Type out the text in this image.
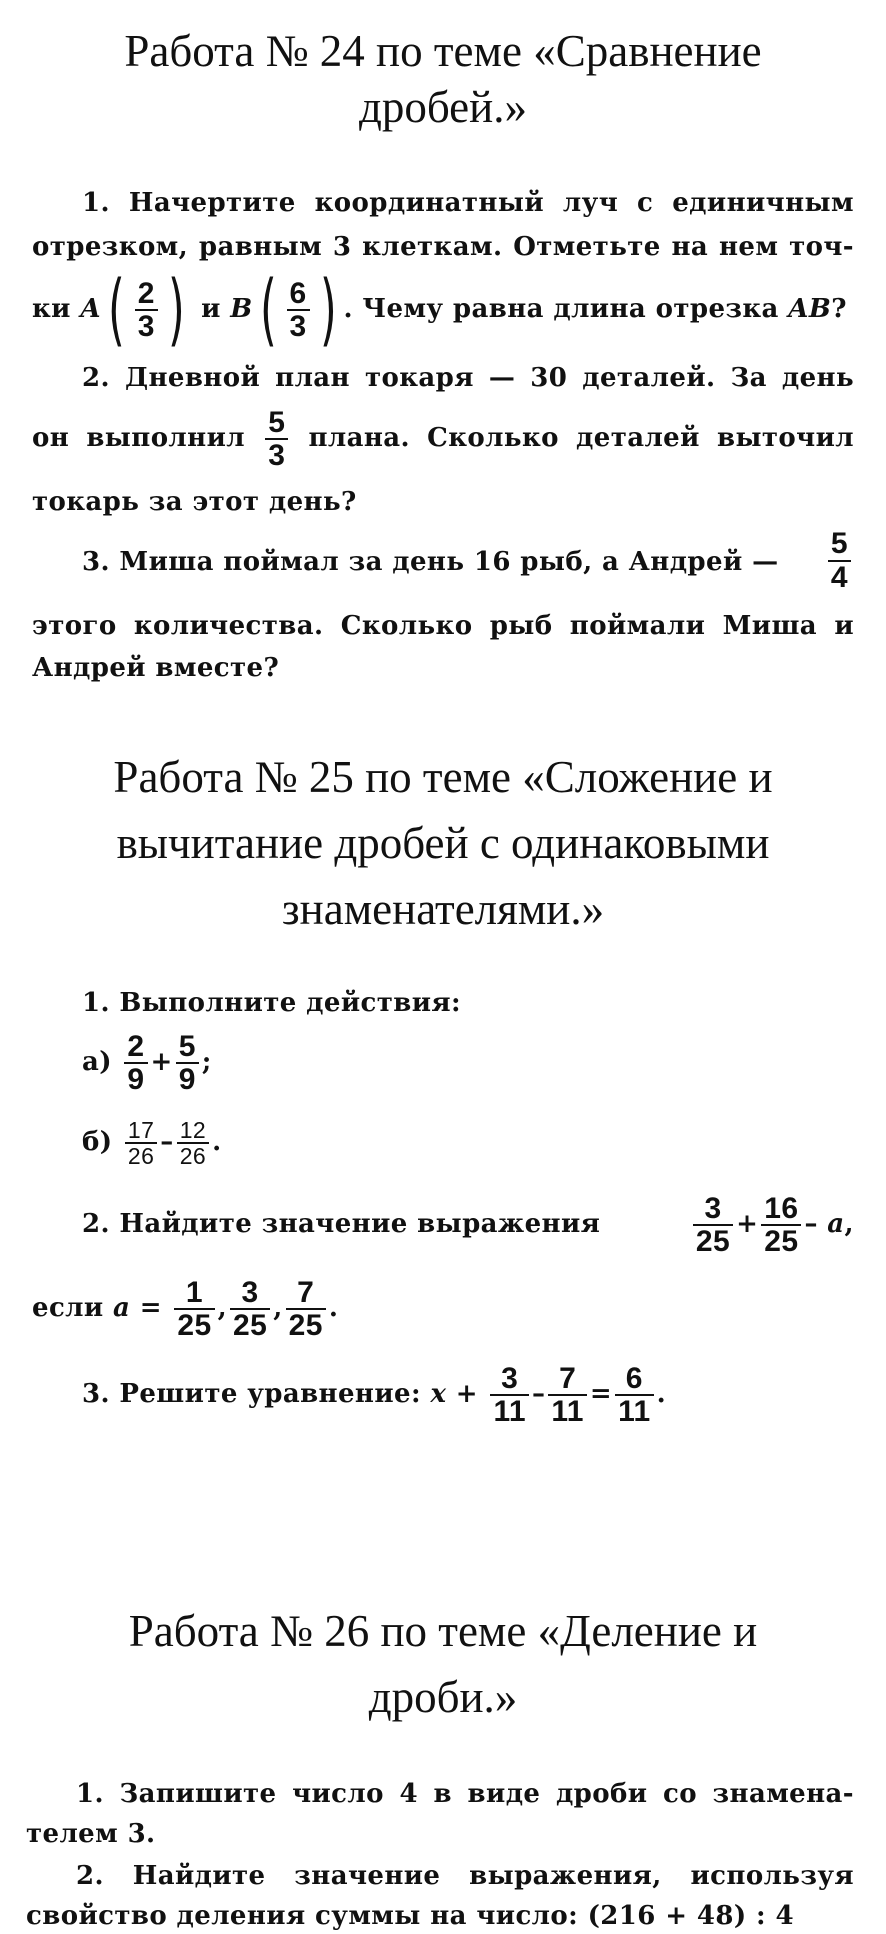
Работа № 24 по теме «Сравнение
дробей.»
1. Начертите координатный луч с единичным
отрезком, равным 3 клеткам. Отметьте на нем точ-
ки $A( \frac{2}{3}$ ) и $B( \frac{6}{3}$ ) . Чему равна длина отрезка AB?
2. Дневной план токаря — 30 деталей. За день
он выполнил $\frac{5}{3}$ плана. Сколько деталей выточил
токарь за этот день?
3. Миша поймал за день 16 рыб, а Андрей — $\frac{5}{4}$
этого количества. Сколько рыб поймали Миша и
Андрей вместе?
Работа № 25 по теме «Сложение и
вычитание дробей с одинаковыми
знаменателями.»
1. Выполните действия:
$а) \frac{2}{9} + \frac{5}{9}$ ;
$б) \frac{17}{26} - \frac{12}{26}$ .
2. Найдите значение выражения	$\frac{3}{25} + \frac{16}{25} - a$,
если $a = \frac{1}{25}$ , $\frac{3}{25}$ , $\frac{7}{25}$ .
3. Решите уравнение: $x + \frac{3}{11} - \frac{7}{11} = \frac{6}{11}$ .
Работа № 26 по теме «Деление и
дроби.»
1. Запишите число 4 в виде дроби со знамена-
телем 3.
2. Найдите значение выражения, используя
свойство деления суммы на число: (216 + 48) : 4
